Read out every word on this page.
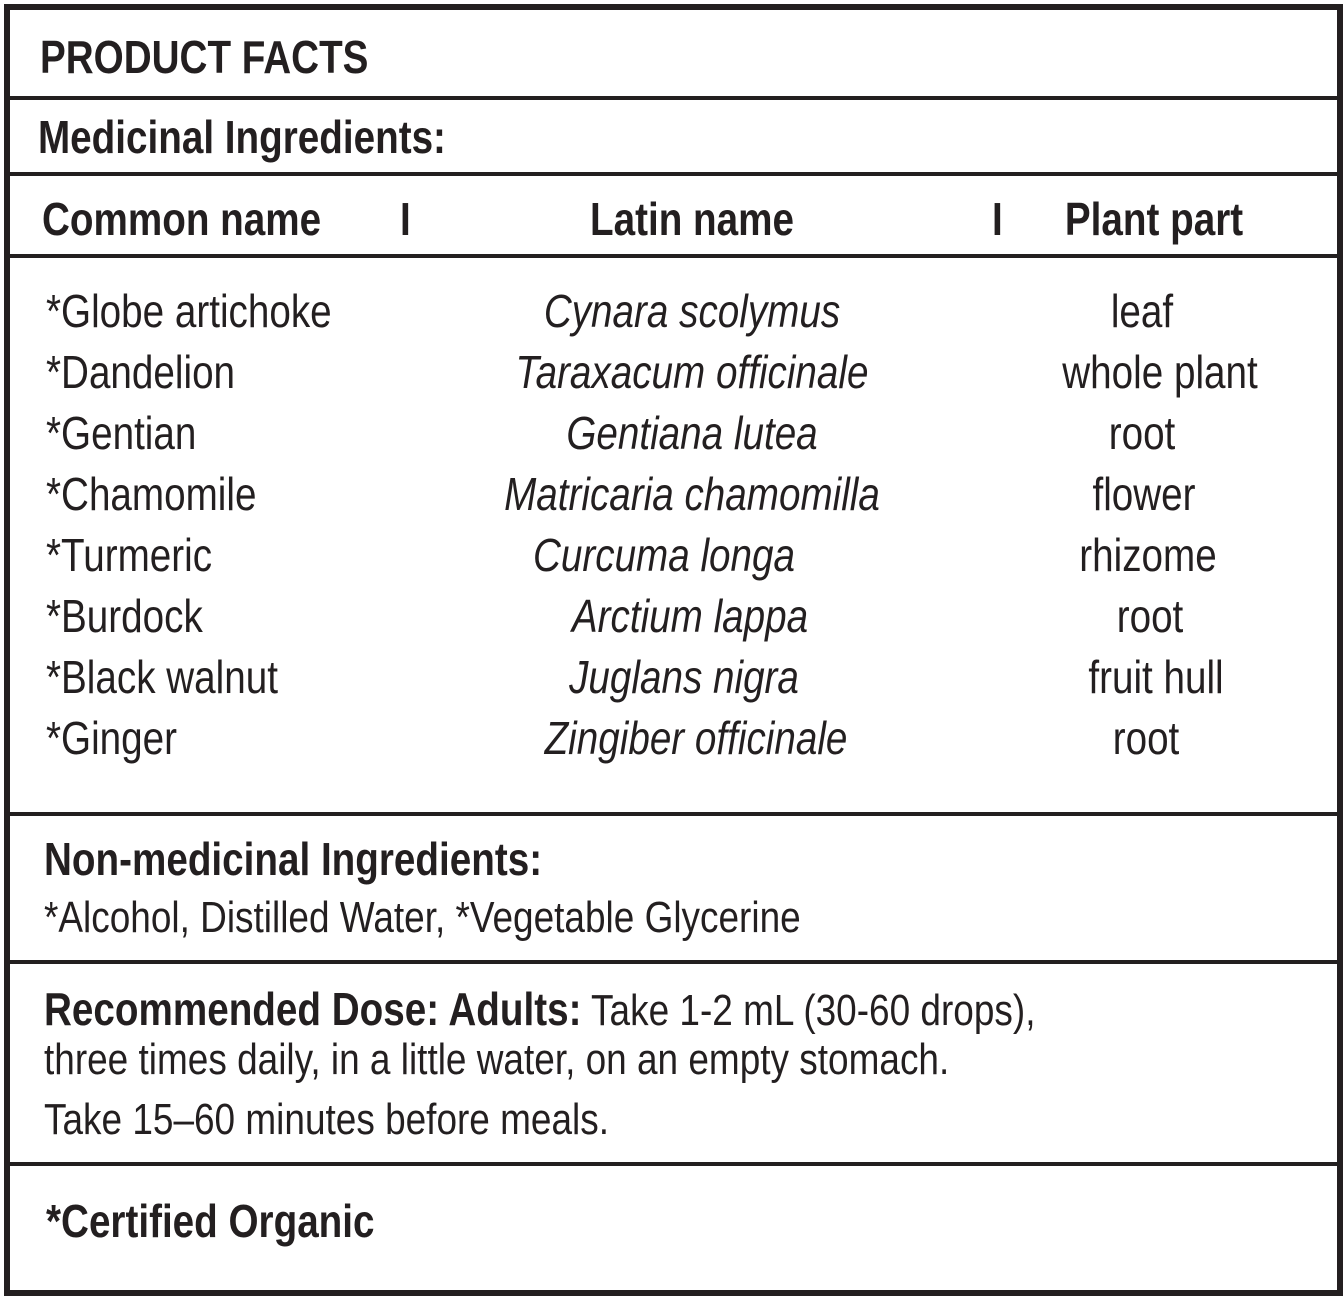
PRODUCT FACTS
Medicinal Ingredients:
Common name I	Latin name	I Plant part
*Globe artichoke	Cynara scolymus	leaf
*Dandelion	Taraxacum officinale	whole plant
*Gentian	Gentiana lutea	root
*Chamomile	Matricaria chamomilla	flower
*Turmeric	Curcuma longa	rhizome
*Burdock	Arctium lappa	root
*Black walnut	Juglans nigra	fruit hull
*Ginger	Zingiber officinale	root
Non-medicinal Ingredients:
*Alcohol, Distilled Water, *Vegetable Glycerine
Recommended Dose: Adults: Take 1-2 mL (30-60 drops),
three times daily, in a little water, on an empty stomach.
Take 15–60 minutes before meals.
*Certified Organic
